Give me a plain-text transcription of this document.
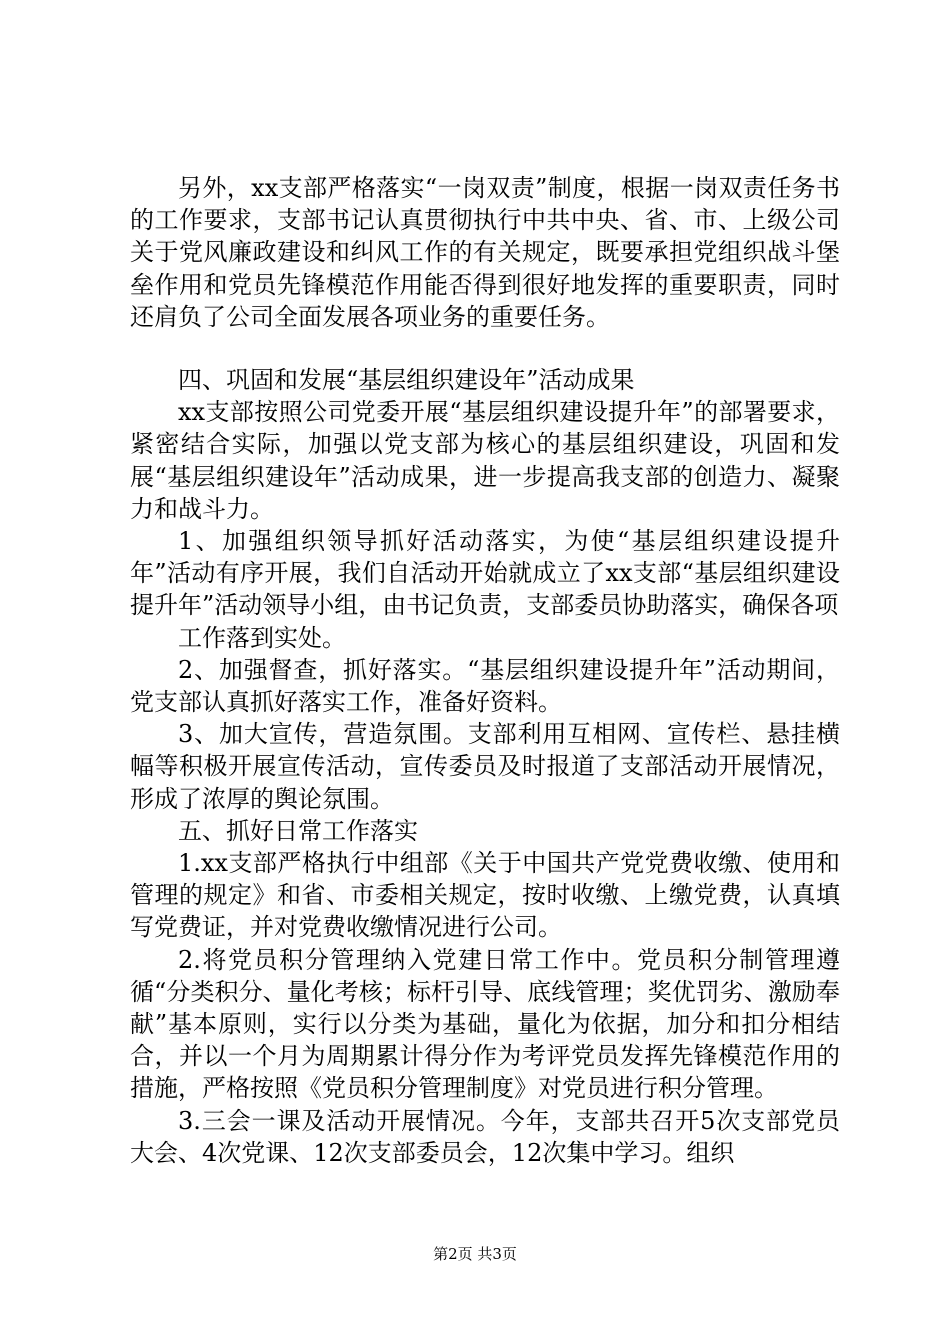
另外，xx支部严格落实“一岗双责”制度，根据一岗双责任务书的工作要求，支部书记认真贯彻执行中共中央、省、市、上级公司关于党风廉政建设和纠风工作的有关规定，既要承担党组织战斗堡垒作用和党员先锋模范作用能否得到很好地发挥的重要职责，同时还肩负了公司全面发展各项业务的重要任务。

四、巩固和发展“基层组织建设年”活动成果

xx支部按照公司党委开展“基层组织建设提升年”的部署要求，紧密结合实际，加强以党支部为核心的基层组织建设，巩固和发展“基层组织建设年”活动成果，进一步提高我支部的创造力、凝聚力和战斗力。

1、加强组织领导抓好活动落实，为使“基层组织建设提升年”活动有序开展，我们自活动开始就成立了xx支部“基层组织建设提升年”活动领导小组，由书记负责，支部委员协助落实，确保各项

工作落到实处。

2、加强督查，抓好落实。“基层组织建设提升年”活动期间，党支部认真抓好落实工作，准备好资料。

3、加大宣传，营造氛围。支部利用互相网、宣传栏、悬挂横幅等积极开展宣传活动，宣传委员及时报道了支部活动开展情况，形成了浓厚的舆论氛围。

五、抓好日常工作落实

1.xx支部严格执行中组部《关于中国共产党党费收缴、使用和管理的规定》和省、市委相关规定，按时收缴、上缴党费，认真填写党费证，并对党费收缴情况进行公司。

2.将党员积分管理纳入党建日常工作中。党员积分制管理遵循“分类积分、量化考核；标杆引导、底线管理；奖优罚劣、激励奉献”基本原则，实行以分类为基础，量化为依据，加分和扣分相结合，并以一个月为周期累计得分作为考评党员发挥先锋模范作用的措施，严格按照《党员积分管理制度》对党员进行积分管理。

3.三会一课及活动开展情况。今年，支部共召开5次支部党员大会、4次党课、12次支部委员会，12次集中学习。组织

第2页 共3页
